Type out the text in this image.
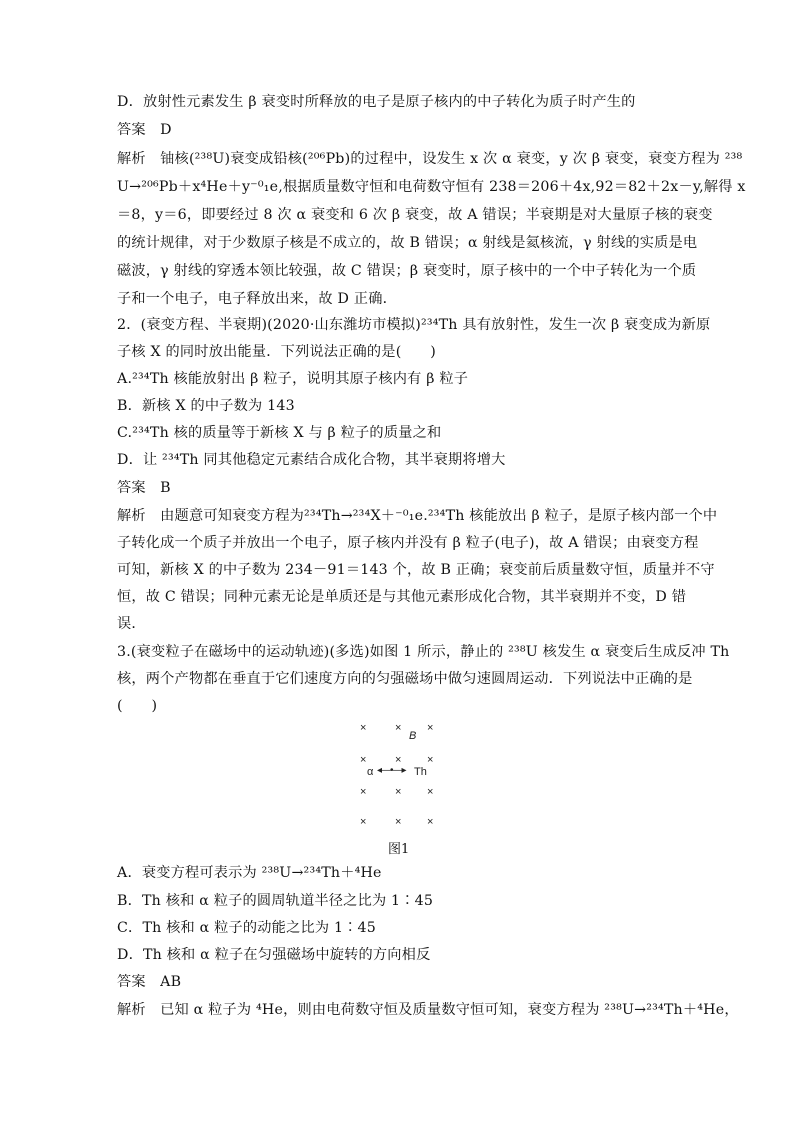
D．放射性元素发生 β 衰变时所释放的电子是原子核内的中子转化为质子时产生的
答案　D
解析　铀核(²³⁸U)衰变成铅核(²⁰⁶Pb)的过程中，设发生 x 次 α 衰变，y 次 β 衰变，衰变方程为 ²³⁸
U→²⁰⁶Pb＋x⁴He＋y⁻⁰₁e,根据质量数守恒和电荷数守恒有 238＝206＋4x,92＝82＋2x－y,解得 x
＝8，y＝6，即要经过 8 次 α 衰变和 6 次 β 衰变，故 A 错误；半衰期是对大量原子核的衰变
的统计规律，对于少数原子核是不成立的，故 B 错误；α 射线是氦核流，γ 射线的实质是电
磁波，γ 射线的穿透本领比较强，故 C 错误；β 衰变时，原子核中的一个中子转化为一个质
子和一个电子，电子释放出来，故 D 正确．
2．(衰变方程、半衰期)(2020·山东潍坊市模拟)²³⁴Th 具有放射性，发生一次 β 衰变成为新原
子核 X 的同时放出能量．下列说法正确的是(　　)
A.²³⁴Th 核能放射出 β 粒子，说明其原子核内有 β 粒子
B．新核 X 的中子数为 143
C.²³⁴Th 核的质量等于新核 X 与 β 粒子的质量之和
D．让 ²³⁴Th 同其他稳定元素结合成化合物，其半衰期将增大
答案　B
解析　由题意可知衰变方程为²³⁴Th→²³⁴X＋⁻⁰₁e.²³⁴Th 核能放出 β 粒子，是原子核内部一个中
子转化成一个质子并放出一个电子，原子核内并没有 β 粒子(电子)，故 A 错误；由衰变方程
可知，新核 X 的中子数为 234－91＝143 个，故 B 正确；衰变前后质量数守恒，质量并不守
恒，故 C 错误；同种元素无论是单质还是与其他元素形成化合物，其半衰期并不变，D 错
误．
3.(衰变粒子在磁场中的运动轨迹)(多选)如图 1 所示，静止的 ²³⁸U 核发生 α 衰变后生成反冲 Th
核，两个产物都在垂直于它们速度方向的匀强磁场中做匀速圆周运动．下列说法中正确的是
(　　)
×	× ×
B
×	× ×
α ◂—•—▸ Th
×	× ×
×	× ×
图1
A．衰变方程可表示为 ²³⁸U→²³⁴Th＋⁴He
B．Th 核和 α 粒子的圆周轨道半径之比为 1∶45
C．Th 核和 α 粒子的动能之比为 1∶45
D．Th 核和 α 粒子在匀强磁场中旋转的方向相反
答案　AB
解析　已知 α 粒子为 ⁴He，则由电荷数守恒及质量数守恒可知，衰变方程为 ²³⁸U→²³⁴Th＋⁴He，
